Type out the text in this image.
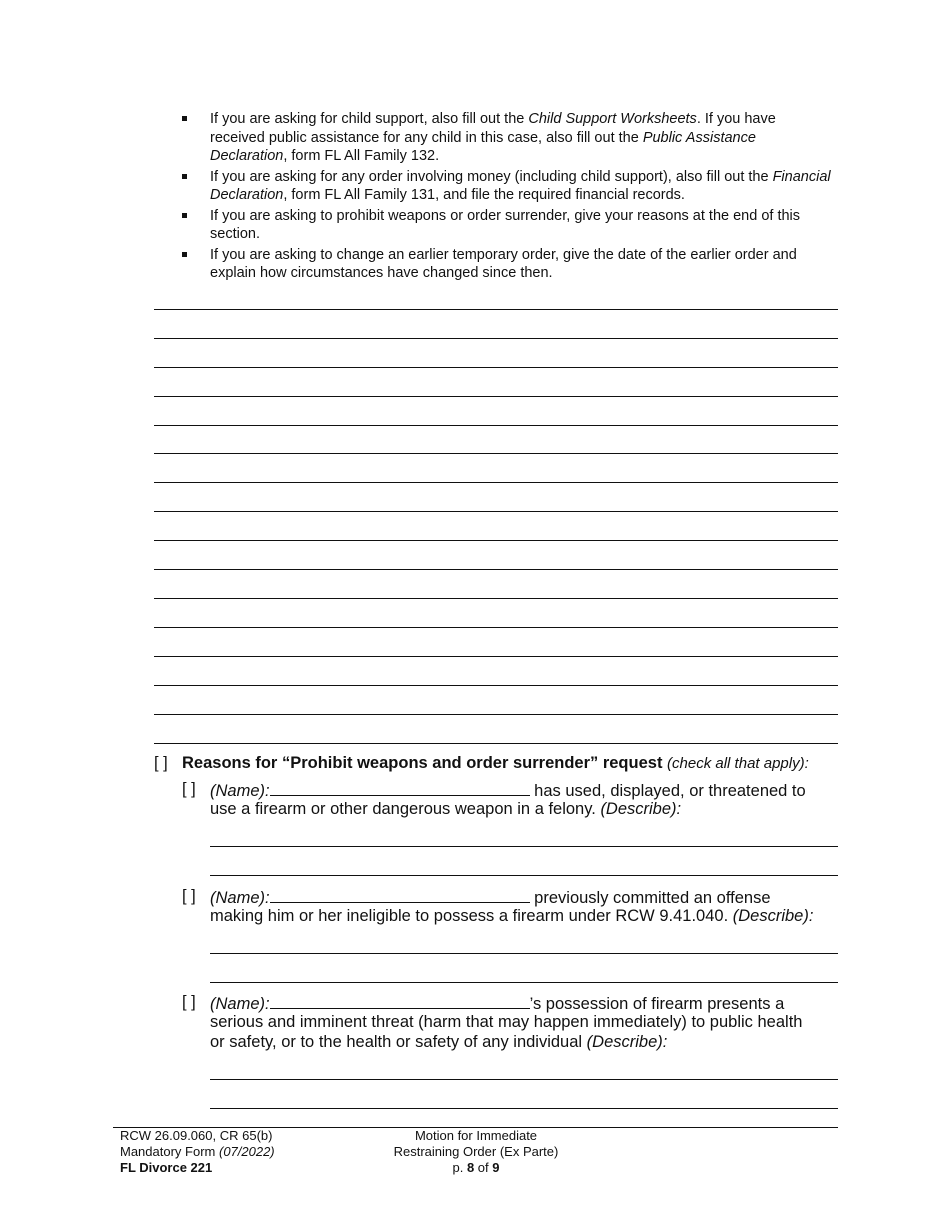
If you are asking for child support, also fill out the Child Support Worksheets. If you have received public assistance for any child in this case, also fill out the Public Assistance Declaration, form FL All Family 132.
If you are asking for any order involving money (including child support), also fill out the Financial Declaration, form FL All Family 131, and file the required financial records.
If you are asking to prohibit weapons or order surrender, give your reasons at the end of this section.
If you are asking to change an earlier temporary order, give the date of the earlier order and explain how circumstances have changed since then.
[ ] Reasons for “Prohibit weapons and order surrender” request (check all that apply):
[ ] (Name):	has used, displayed, or threatened to
use a firearm or other dangerous weapon in a felony. (Describe):
[ ] (Name):	previously committed an offense
making him or her ineligible to possess a firearm under RCW 9.41.040. (Describe):
[ ] (Name):	’s possession of firearm presents a
serious and imminent threat (harm that may happen immediately) to public health
or safety, or to the health or safety of any individual (Describe):
RCW 26.09.060, CR 65(b)
Mandatory Form (07/2022)
FL Divorce 221
Motion for Immediate
Restraining Order (Ex Parte)
p. 8 of 9
